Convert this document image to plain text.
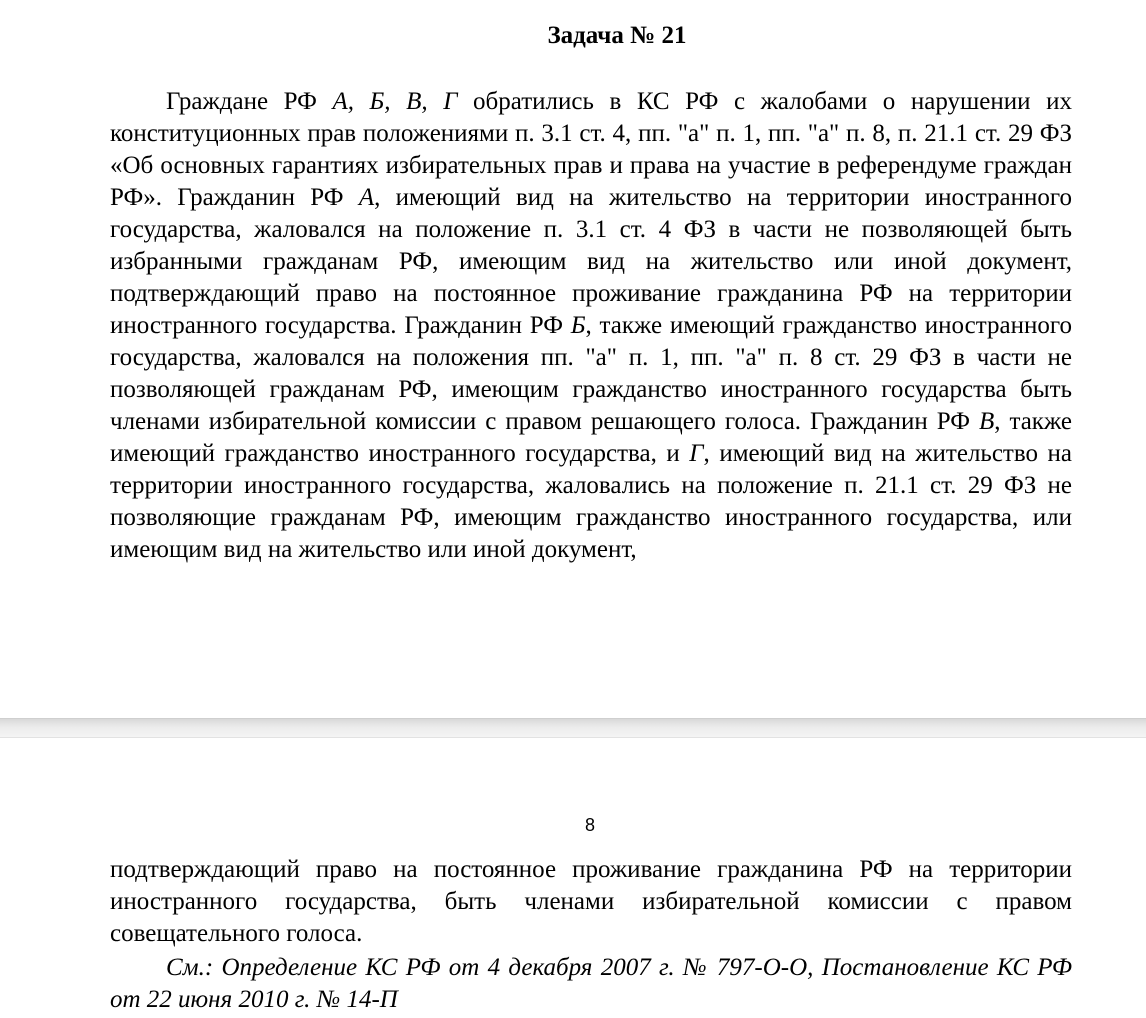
Задача № 21

Граждане РФ А, Б, В, Г обратились в КС РФ с жалобами о нарушении их конституционных прав положениями п. 3.1 ст. 4, пп. "а" п. 1, пп. "а" п. 8, п. 21.1 ст. 29 ФЗ «Об основных гарантиях избирательных прав и права на участие в референдуме граждан РФ». Гражданин РФ А, имеющий вид на жительство на территории иностранного государства, жаловался на положение п. 3.1 ст. 4 ФЗ в части не позволяющей быть избранными гражданам РФ, имеющим вид на жительство или иной документ, подтверждающий право на постоянное проживание гражданина РФ на территории иностранного государства. Гражданин РФ Б, также имеющий гражданство иностранного государства, жаловался на положения пп. "а" п. 1, пп. "а" п. 8 ст. 29 ФЗ в части не позволяющей гражданам РФ, имеющим гражданство иностранного государства быть членами избирательной комиссии с правом решающего голоса. Гражданин РФ В, также имеющий гражданство иностранного государства, и Г, имеющий вид на жительство на территории иностранного государства, жаловались на положение п. 21.1 ст. 29 ФЗ не позволяющие гражданам РФ, имеющим гражданство иностранного государства, или имеющим вид на жительство или иной документ,

8

подтверждающий право на постоянное проживание гражданина РФ на территории иностранного государства, быть членами избирательной комиссии с правом совещательного голоса.

См.: Определение КС РФ от 4 декабря 2007 г. № 797-О-О, Постановление КС РФ от 22 июня 2010 г. № 14-П
